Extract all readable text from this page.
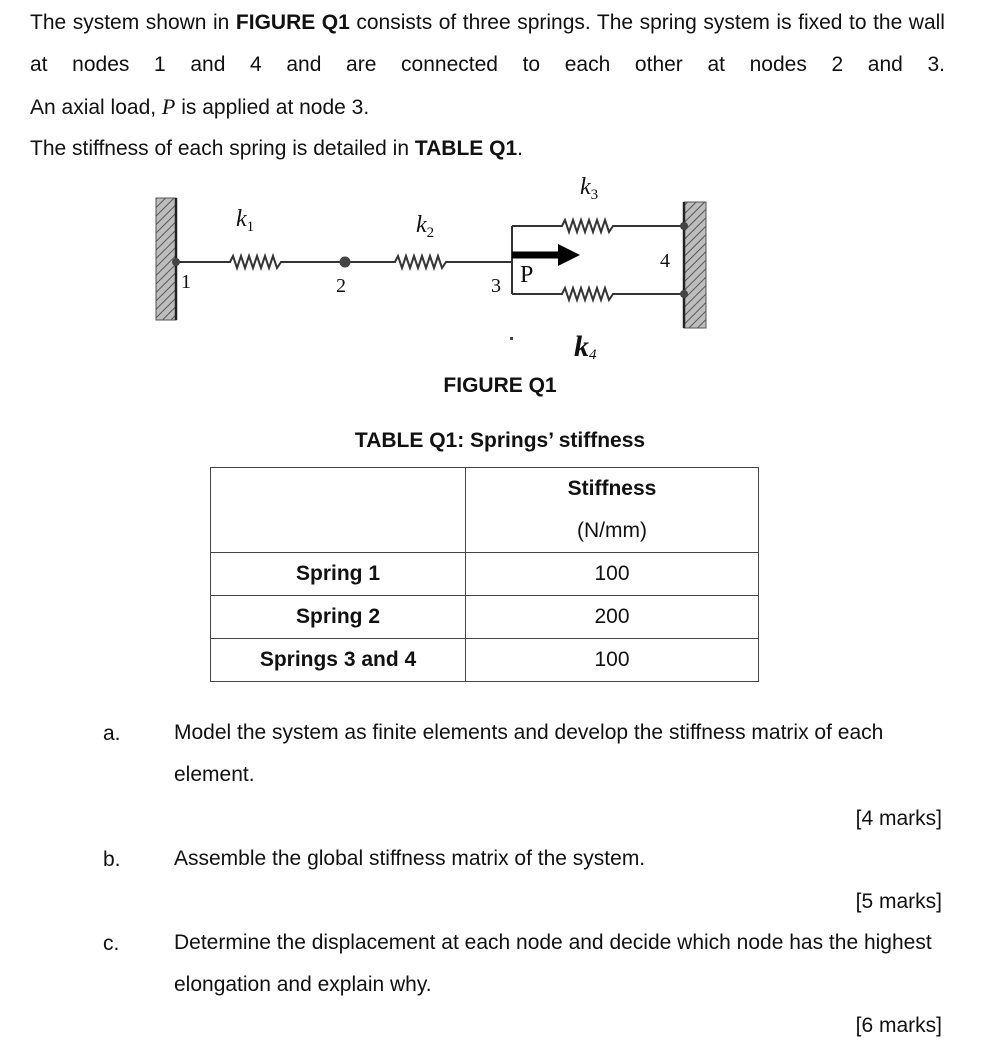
The system shown in FIGURE Q1 consists of three springs. The spring system is fixed to the wall at nodes 1 and 4 and are connected to each other at nodes 2 and 3.
An axial load, P is applied at node 3.
The stiffness of each spring is detailed in TABLE Q1.
$k_1$	$k_2$
$k_3$
k4
1	2	3
4
P
FIGURE Q1
TABLE Q1: Springs’ stiffness

	Stiffness
(N/mm)

Spring 1	100
Spring 2	200
Springs 3 and 4	100
a.	Model the system as finite elements and develop the stiffness matrix of each element.
[4 marks]
b.	Assemble the global stiffness matrix of the system.
[5 marks]
c.	Determine the displacement at each node and decide which node has the highest elongation and explain why.
[6 marks]
